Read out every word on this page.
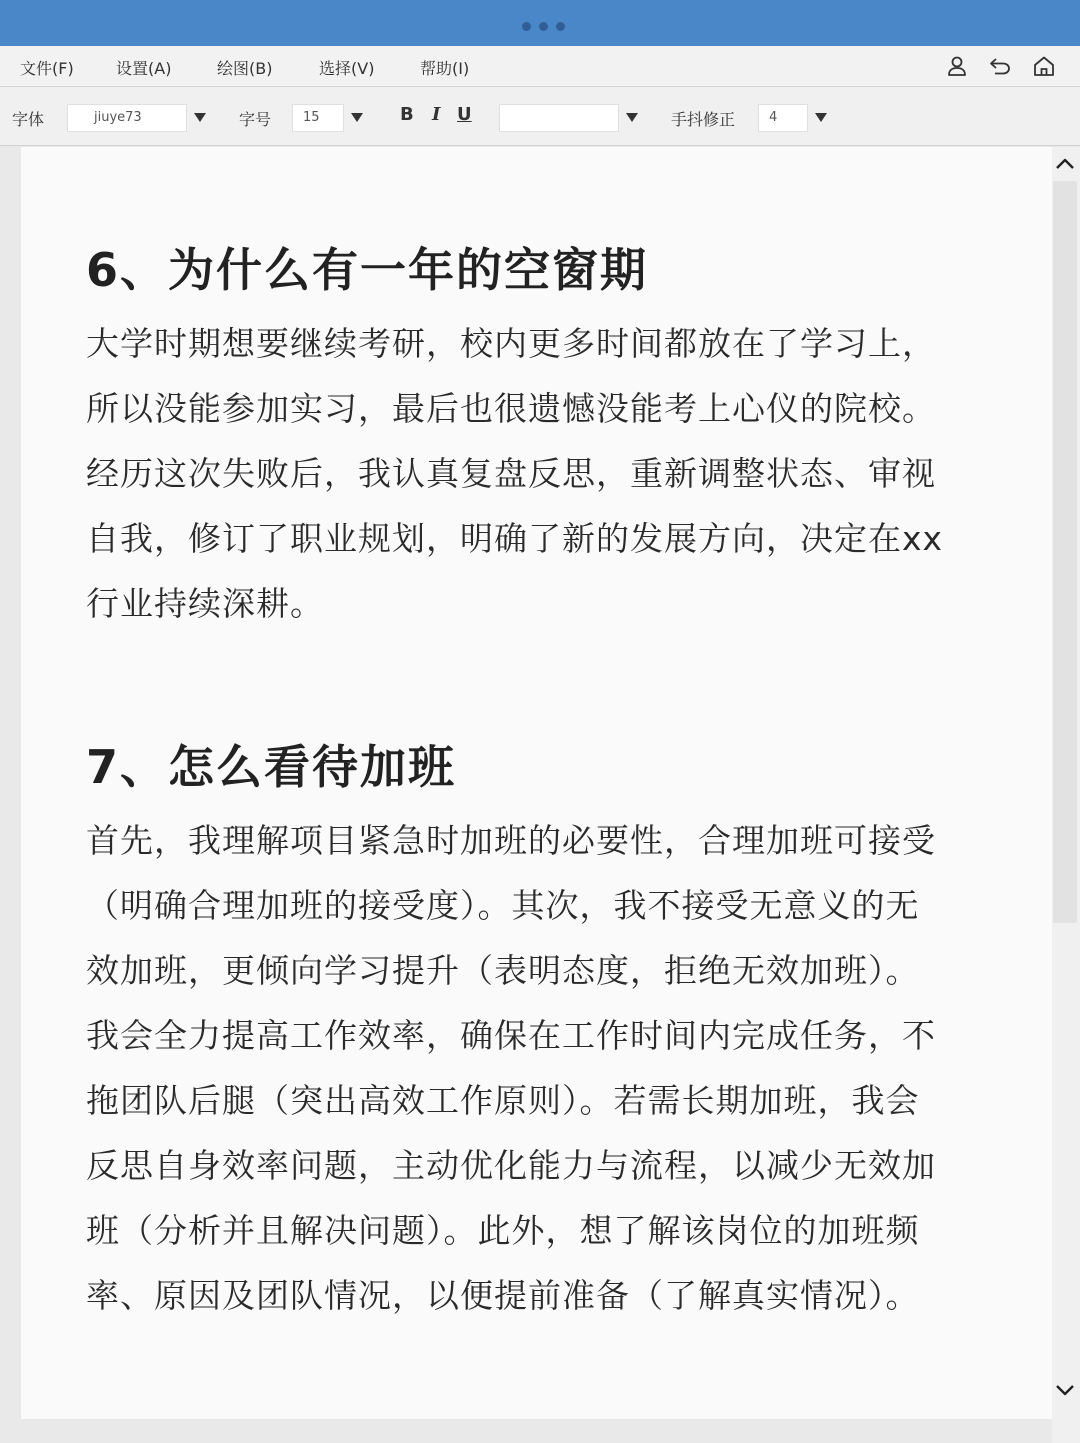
文件(F)	设置(A)	绘图(B)	选择(V)	帮助(I)
字体	jiuye73	字号	15	B I U	手抖修正	4
6、为什么有一年的空窗期
大学时期想要继续考研，校内更多时间都放在了学习上，
所以没能参加实习，最后也很遗憾没能考上心仪的院校。
经历这次失败后，我认真复盘反思，重新调整状态、审视
自我，修订了职业规划，明确了新的发展方向，决定在xx
行业持续深耕。
7、怎么看待加班
首先，我理解项目紧急时加班的必要性，合理加班可接受
（明确合理加班的接受度）。其次，我不接受无意义的无
效加班，更倾向学习提升（表明态度，拒绝无效加班）。
我会全力提高工作效率，确保在工作时间内完成任务，不
拖团队后腿（突出高效工作原则）。若需长期加班，我会
反思自身效率问题，主动优化能力与流程，以减少无效加
班（分析并且解决问题）。此外，想了解该岗位的加班频
率、原因及团队情况，以便提前准备（了解真实情况）。
